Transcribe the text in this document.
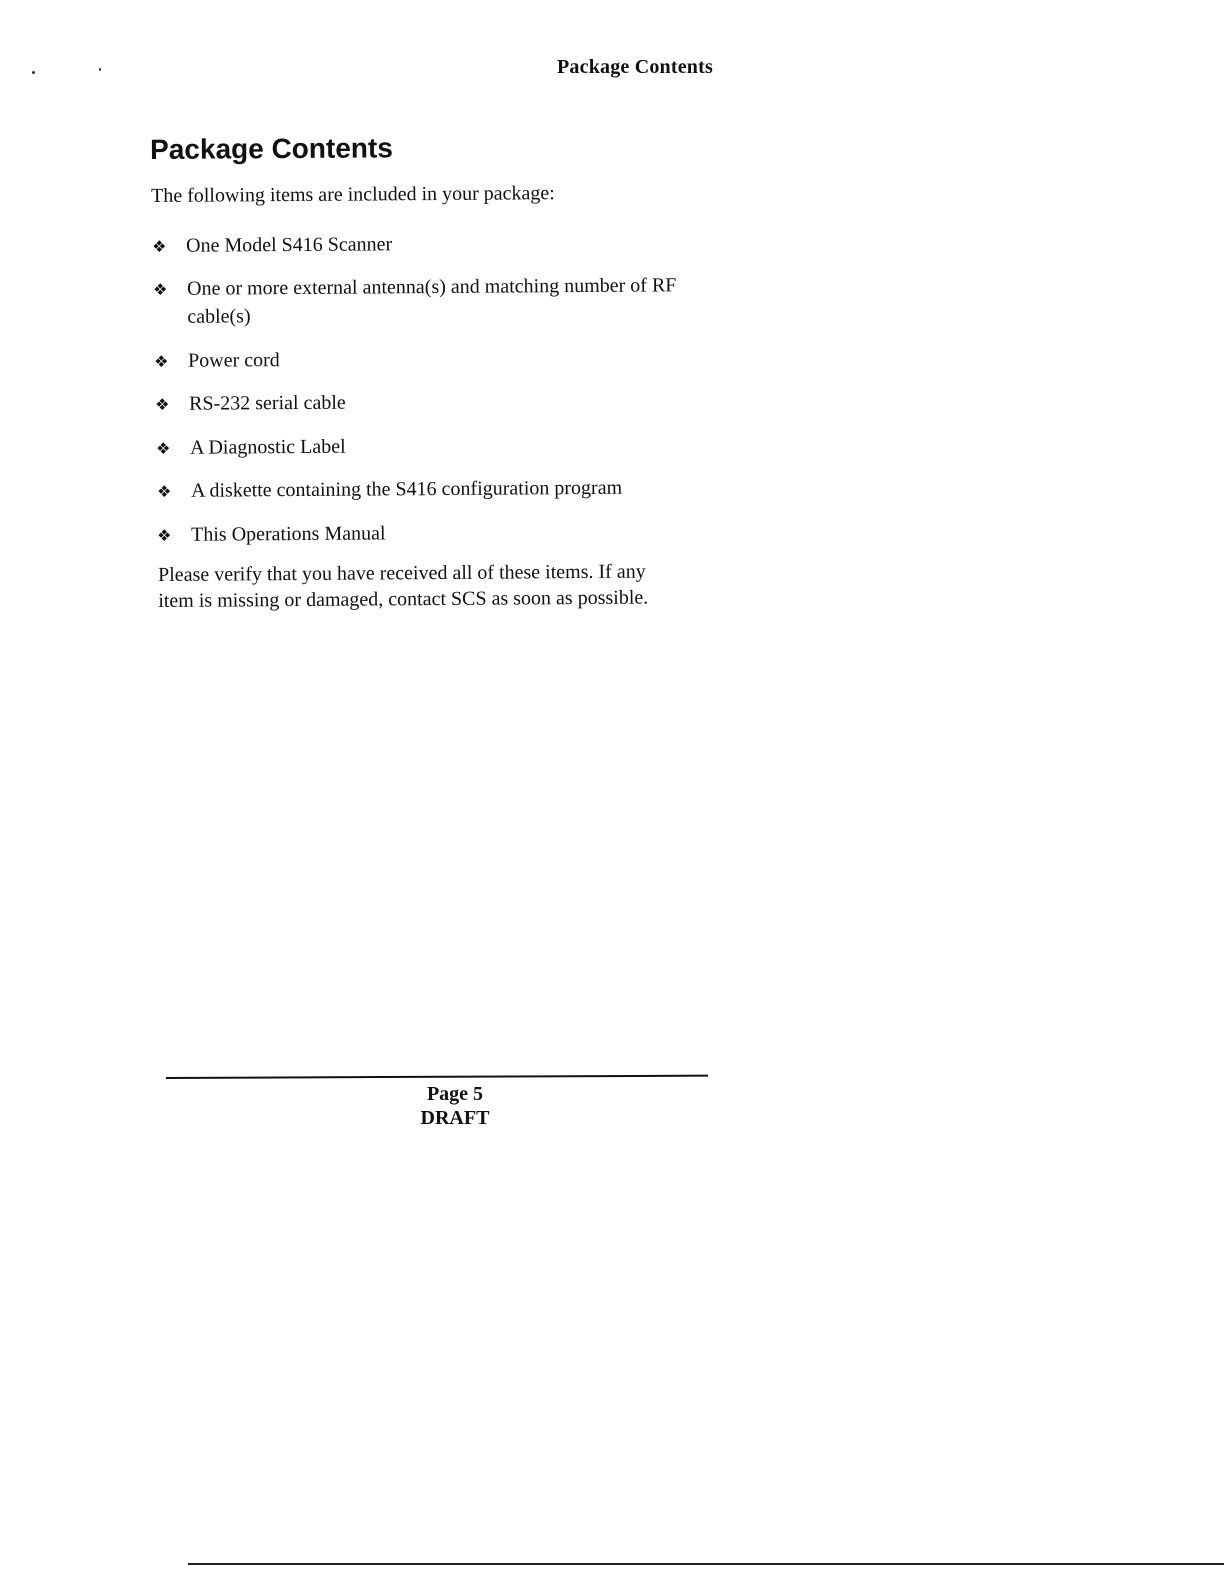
Package Contents
Package Contents

The following items are included in your package:

❖ One Model S416 Scanner
❖ One or more external antenna(s) and matching number of RF
cable(s)
❖ Power cord
❖ RS-232 serial cable
❖ A Diagnostic Label
❖ A diskette containing the S416 configuration program
❖ This Operations Manual

Please verify that you have received all of these items. If any
item is missing or damaged, contact SCS as soon as possible.

Page 5
DRAFT
